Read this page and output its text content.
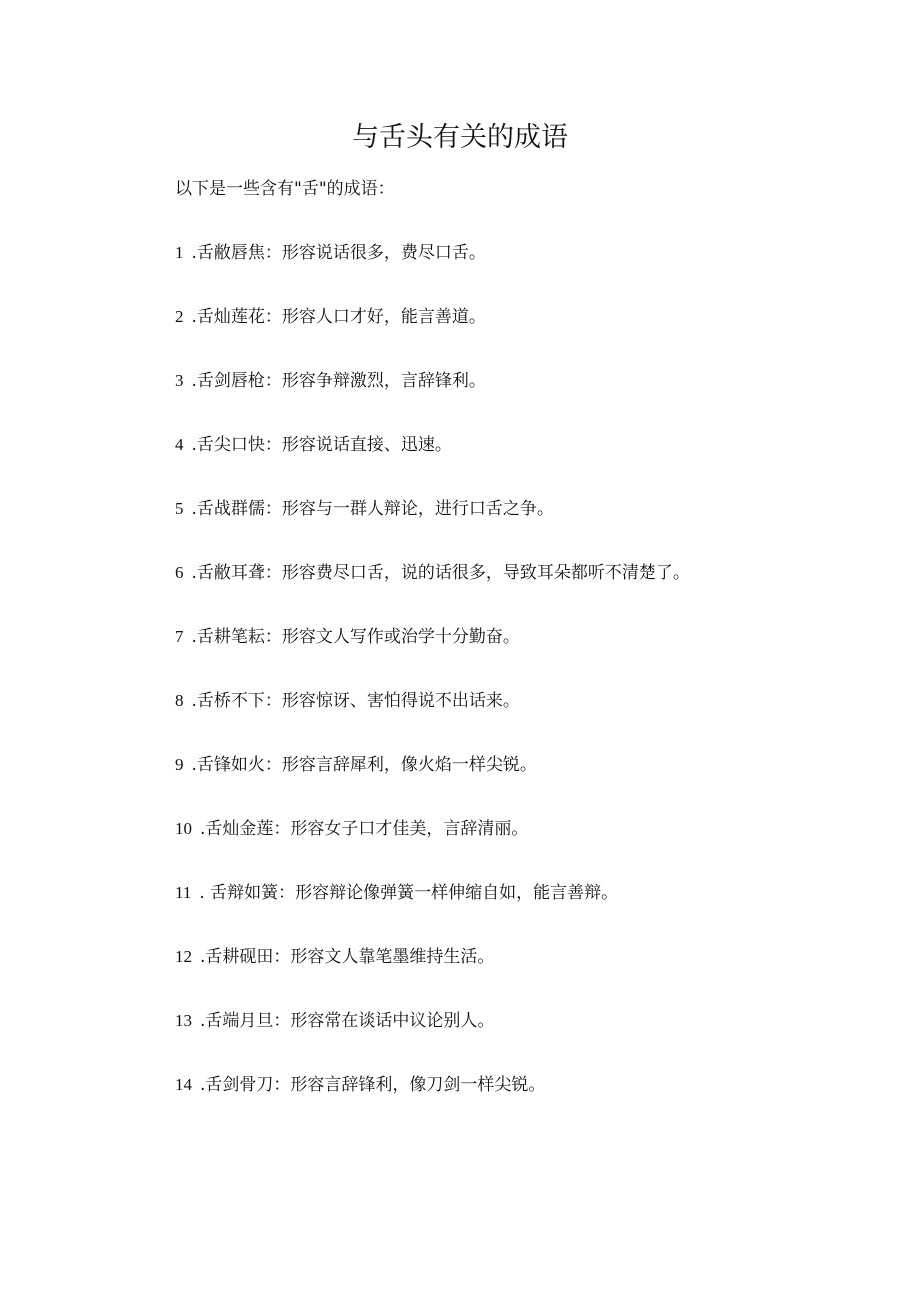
与舌头有关的成语

以下是一些含有"舌"的成语：

1 .舌敝唇焦：形容说话很多，费尽口舌。
2 .舌灿莲花：形容人口才好，能言善道。
3 .舌剑唇枪：形容争辩激烈，言辞锋利。
4 .舌尖口快：形容说话直接、迅速。
5 .舌战群儒：形容与一群人辩论，进行口舌之争。
6 .舌敝耳聋：形容费尽口舌，说的话很多，导致耳朵都听不清楚了。
7 .舌耕笔耘：形容文人写作或治学十分勤奋。
8 .舌桥不下：形容惊讶、害怕得说不出话来。
9 .舌锋如火：形容言辞犀利，像火焰一样尖锐。
10 .舌灿金莲：形容女子口才佳美，言辞清丽。
11 . 舌辩如簧：形容辩论像弹簧一样伸缩自如，能言善辩。
12 .舌耕砚田：形容文人靠笔墨维持生活。
13 .舌端月旦：形容常在谈话中议论别人。
14 .舌剑骨刀：形容言辞锋利，像刀剑一样尖锐。
